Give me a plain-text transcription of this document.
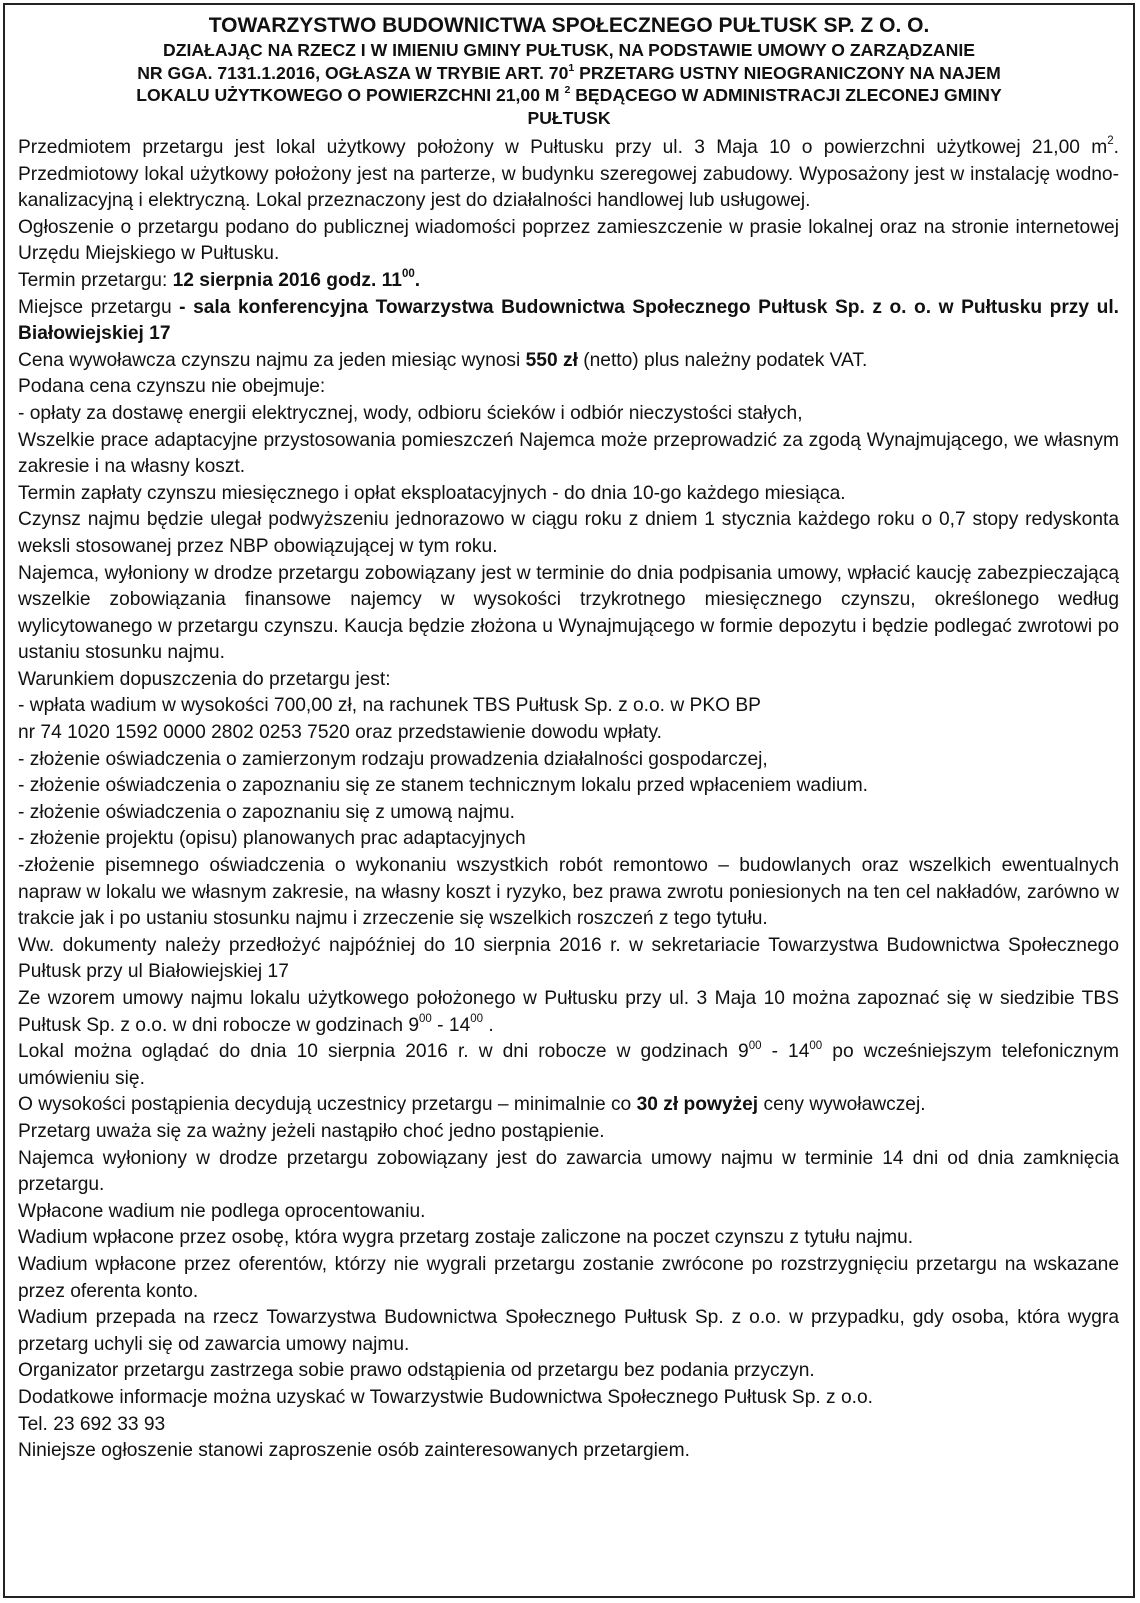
TOWARZYSTWO BUDOWNICTWA SPOŁECZNEGO PUŁTUSK SP. Z O. O.
DZIAŁAJĄC NA RZECZ I W IMIENIU GMINY PUŁTUSK, NA PODSTAWIE UMOWY O ZARZĄDZANIE
NR GGA. 7131.1.2016, OGŁASZA W TRYBIE ART. $70^1$ PRZETARG USTNY NIEOGRANICZONY NA NAJEM
LOKALU UŻYTKOWEGO O POWIERZCHNI 21,00 M $^2$ BĘDĄCEGO W ADMINISTRACJI ZLECONEJ GMINY
PUŁTUSK

Przedmiotem przetargu jest lokal użytkowy położony w Pułtusku przy ul. 3 Maja 10 o powierzchni użytkowej 21,00 $m^2$. Przedmiotowy lokal użytkowy położony jest na parterze, w budynku szeregowej zabudowy. Wyposażony jest w instalację wodno-kanalizacyjną i elektryczną. Lokal przeznaczony jest do działalności handlowej lub usługowej.

Ogłoszenie o przetargu podano do publicznej wiadomości poprzez zamieszczenie w prasie lokalnej oraz na stronie internetowej Urzędu Miejskiego w Pułtusku.

Termin przetargu: 12 sierpnia 2016 godz. $11^{00}$.

Miejsce przetargu - sala konferencyjna Towarzystwa Budownictwa Społecznego Pułtusk Sp. z o. o. w Pułtusku przy ul. Białowiejskiej 17

Cena wywoławcza czynszu najmu za jeden miesiąc wynosi 550 zł (netto) plus należny podatek VAT.

Podana cena czynszu nie obejmuje:

- opłaty za dostawę energii elektrycznej, wody, odbioru ścieków i odbiór nieczystości stałych,

Wszelkie prace adaptacyjne przystosowania pomieszczeń Najemca może przeprowadzić za zgodą Wynajmującego, we własnym zakresie i na własny koszt.

Termin zapłaty czynszu miesięcznego i opłat eksploatacyjnych - do dnia 10-go każdego miesiąca.

Czynsz najmu będzie ulegał podwyższeniu jednorazowo w ciągu roku z dniem 1 stycznia każdego roku o 0,7 stopy redyskonta weksli stosowanej przez NBP obowiązującej w tym roku.

Najemca, wyłoniony w drodze przetargu zobowiązany jest w terminie do dnia podpisania umowy, wpłacić kaucję zabezpieczającą wszelkie zobowiązania finansowe najemcy w wysokości trzykrotnego miesięcznego czynszu, określonego według wylicytowanego w przetargu czynszu. Kaucja będzie złożona u Wynajmującego w formie depozytu i będzie podlegać zwrotowi po ustaniu stosunku najmu.

Warunkiem dopuszczenia do przetargu jest:

- wpłata wadium w wysokości 700,00 zł, na rachunek TBS Pułtusk Sp. z o.o. w PKO BP

nr 74 1020 1592 0000 2802 0253 7520 oraz przedstawienie dowodu wpłaty.

- złożenie oświadczenia o zamierzonym rodzaju prowadzenia działalności gospodarczej,

- złożenie oświadczenia o zapoznaniu się ze stanem technicznym lokalu przed wpłaceniem wadium.

- złożenie oświadczenia o zapoznaniu się z umową najmu.

- złożenie projektu (opisu) planowanych prac adaptacyjnych

-złożenie pisemnego oświadczenia o wykonaniu wszystkich robót remontowo – budowlanych oraz wszelkich ewentualnych napraw w lokalu we własnym zakresie, na własny koszt i ryzyko, bez prawa zwrotu poniesionych na ten cel nakładów, zarówno w trakcie jak i po ustaniu stosunku najmu i zrzeczenie się wszelkich roszczeń z tego tytułu.

Ww. dokumenty należy przedłożyć najpóźniej do 10 sierpnia 2016 r. w sekretariacie Towarzystwa Budownictwa Społecznego Pułtusk przy ul Białowiejskiej 17

Ze wzorem umowy najmu lokalu użytkowego położonego w Pułtusku przy ul. 3 Maja 10 można zapoznać się w siedzibie TBS Pułtusk Sp. z o.o. w dni robocze w godzinach $9^{00} - 14^{00}$ .

Lokal można oglądać do dnia 10 sierpnia 2016 r. w dni robocze w godzinach $9^{00} - 14^{00}$ po wcześniejszym telefonicznym umówieniu się.

O wysokości postąpienia decydują uczestnicy przetargu – minimalnie co 30 zł powyżej ceny wywoławczej.

Przetarg uważa się za ważny jeżeli nastąpiło choć jedno postąpienie.

Najemca wyłoniony w drodze przetargu zobowiązany jest do zawarcia umowy najmu w terminie 14 dni od dnia zamknięcia przetargu.

Wpłacone wadium nie podlega oprocentowaniu.

Wadium wpłacone przez osobę, która wygra przetarg zostaje zaliczone na poczet czynszu z tytułu najmu.

Wadium wpłacone przez oferentów, którzy nie wygrali przetargu zostanie zwrócone po rozstrzygnięciu przetargu na wskazane przez oferenta konto.

Wadium przepada na rzecz Towarzystwa Budownictwa Społecznego Pułtusk Sp. z o.o. w przypadku, gdy osoba, która wygra przetarg uchyli się od zawarcia umowy najmu.

Organizator przetargu zastrzega sobie prawo odstąpienia od przetargu bez podania przyczyn.

Dodatkowe informacje można uzyskać w Towarzystwie Budownictwa Społecznego Pułtusk Sp. z o.o.

Tel. 23 692 33 93

Niniejsze ogłoszenie stanowi zaproszenie osób zainteresowanych przetargiem.
